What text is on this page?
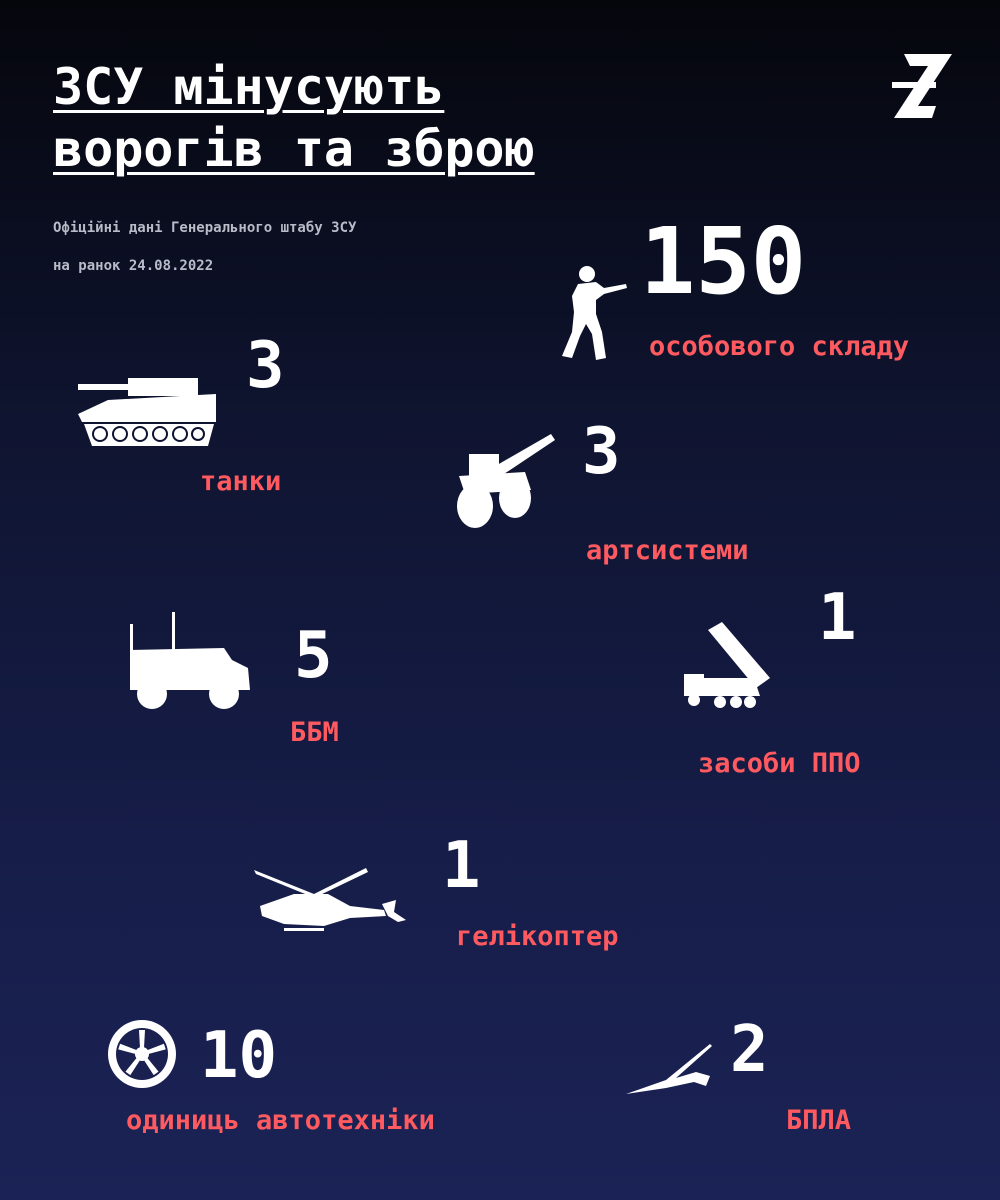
ЗСУ мінусують
ворогів та зброю
Офіційні дані Генерального штабу ЗСУ
на ранок 24.08.2022	150
особового складу
3
танки	3
артсистеми
5
ББМ
1
засоби ППО
1
гелікоптер
10
одиниць автотехніки
2
БПЛА
